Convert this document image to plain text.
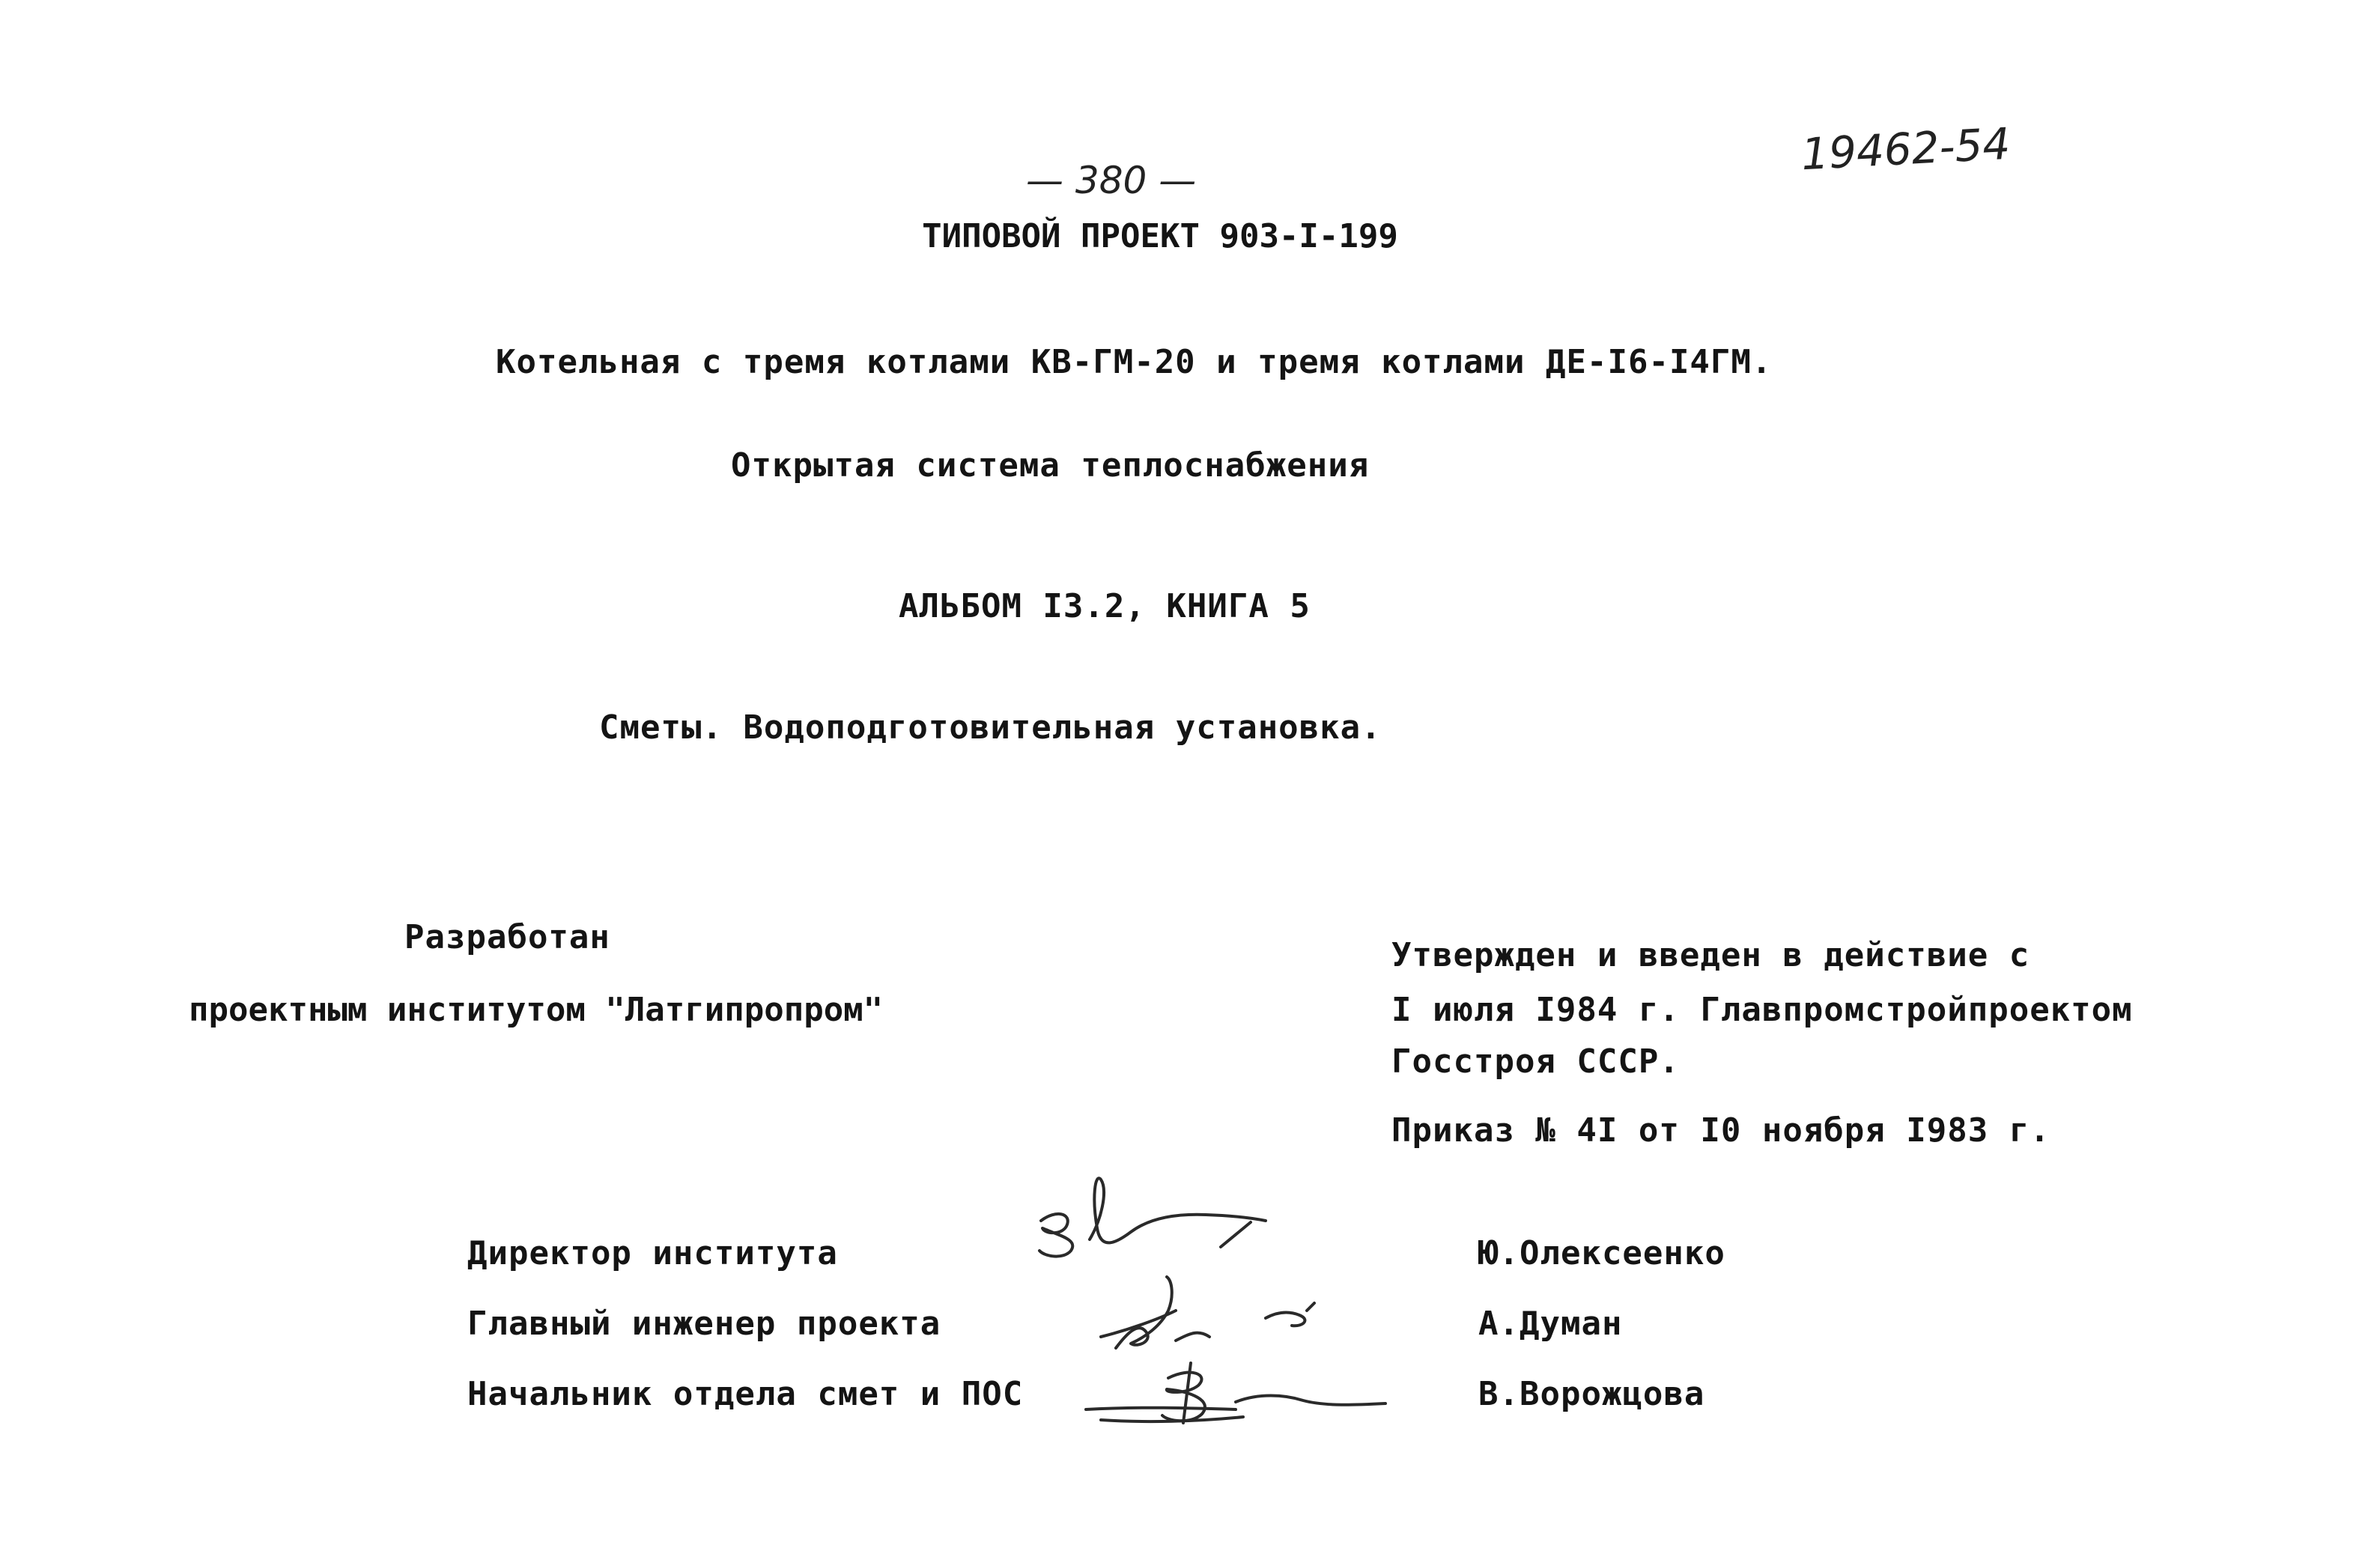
— 380 —
19462-54
ТИПОВОЙ ПРОЕКТ 903-I-199
Котельная с тремя котлами КВ-ГМ-20 и тремя котлами ДЕ-I6-I4ГМ.
Открытая система теплоснабжения
АЛЬБОМ I3.2, КНИГА 5
Сметы. Водоподготовительная установка.
Разработан
проектным институтом "Латгипропром"
Утвержден и введен в действие с
I июля I984 г. Главпромстройпроектом
Госстроя СССР.
Приказ № 4I от I0 ноября I983 г.
Директор института	Ю.Олексеенко
Главный инженер проекта	А.Думан
Начальник отдела смет и ПОС	В.Ворожцова
